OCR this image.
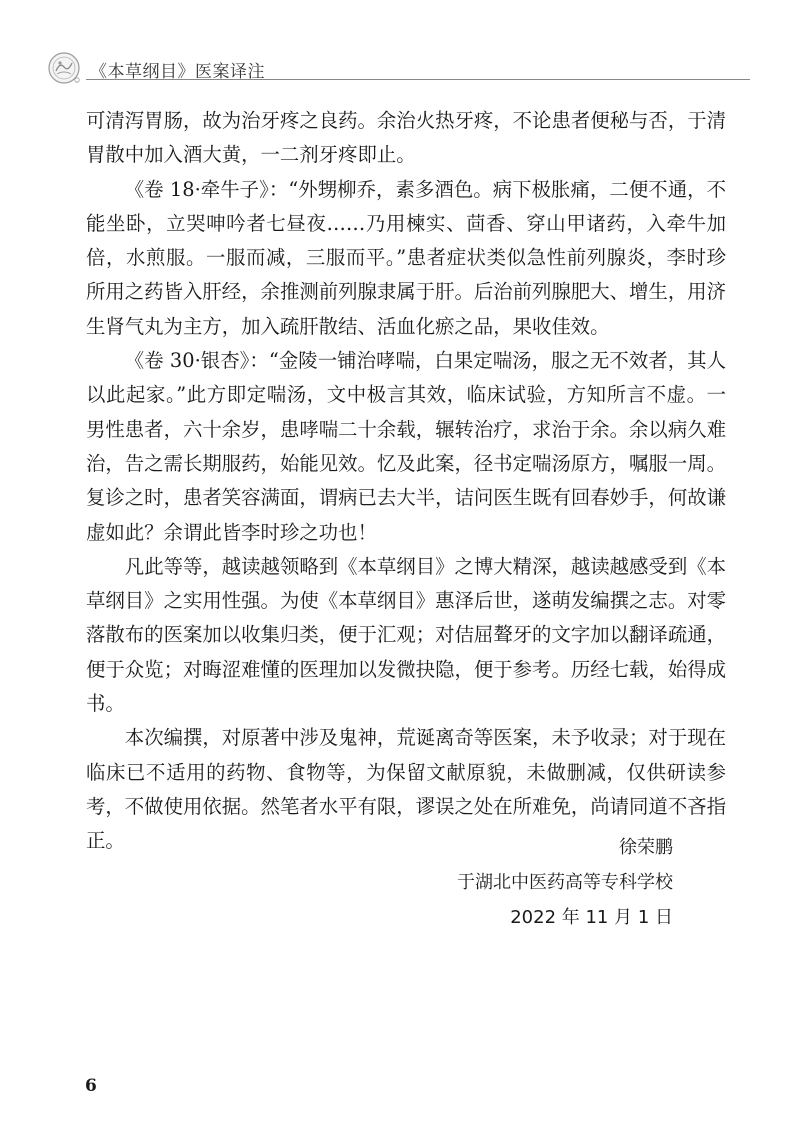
《本草纲目》医案译注

可清泻胃肠，故为治牙疼之良药。余治火热牙疼，不论患者便秘与否，于清胃散中加入酒大黄，一二剂牙疼即止。

《卷 18·牵牛子》：“外甥柳乔，素多酒色。病下极胀痛，二便不通，不能坐卧，立哭呻吟者七昼夜……乃用楝实、茴香、穿山甲诸药，入牵牛加倍，水煎服。一服而减，三服而平。”患者症状类似急性前列腺炎，李时珍所用之药皆入肝经，余推测前列腺隶属于肝。后治前列腺肥大、增生，用济生肾气丸为主方，加入疏肝散结、活血化瘀之品，果收佳效。

《卷 30·银杏》：“金陵一铺治哮喘，白果定喘汤，服之无不效者，其人以此起家。”此方即定喘汤，文中极言其效，临床试验，方知所言不虚。一男性患者，六十余岁，患哮喘二十余载，辗转治疗，求治于余。余以病久难治，告之需长期服药，始能见效。忆及此案，径书定喘汤原方，嘱服一周。复诊之时，患者笑容满面，谓病已去大半，诘问医生既有回春妙手，何故谦虚如此？余谓此皆李时珍之功也！

凡此等等，越读越领略到《本草纲目》之博大精深，越读越感受到《本草纲目》之实用性强。为使《本草纲目》惠泽后世，遂萌发编撰之志。对零落散布的医案加以收集归类，便于汇观；对佶屈聱牙的文字加以翻译疏通，便于众览；对晦涩难懂的医理加以发微抉隐，便于参考。历经七载，始得成书。

本次编撰，对原著中涉及鬼神，荒诞离奇等医案，未予收录；对于现在临床已不适用的药物、食物等，为保留文献原貌，未做删减，仅供研读参考，不做使用依据。然笔者水平有限，谬误之处在所难免，尚请同道不吝指正。	徐荣鹏
于湖北中医药高等专科学校
2022 年 11 月 1 日
6
